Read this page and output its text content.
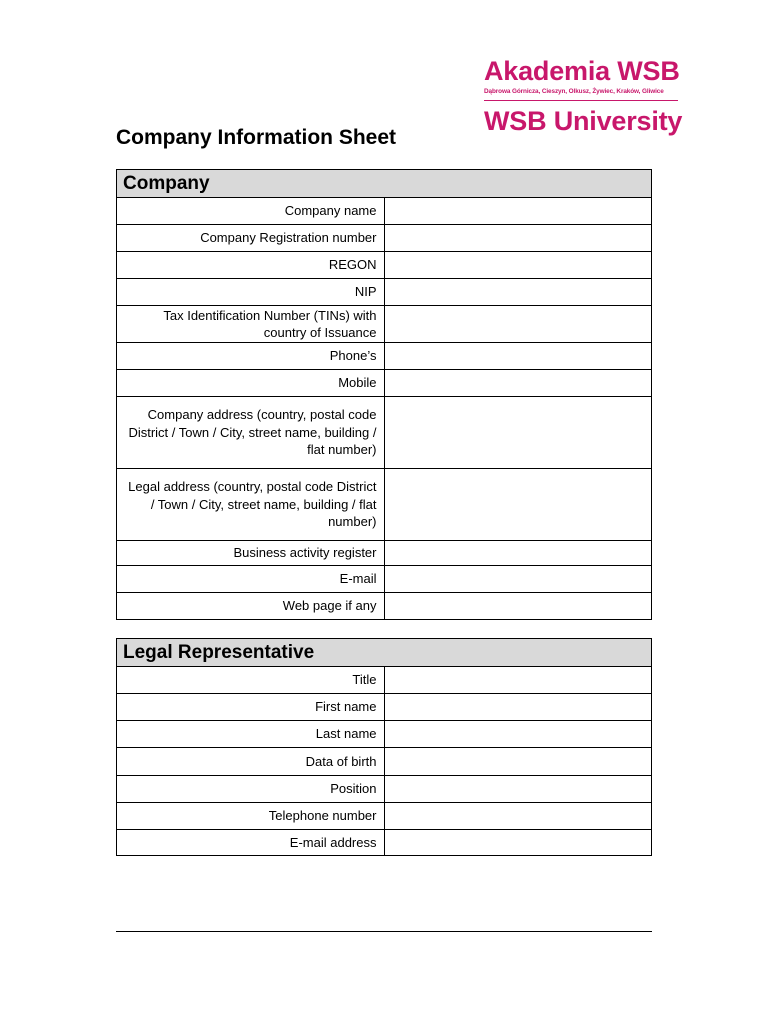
Akademia WSB
Dąbrowa Górnicza, Cieszyn, Olkusz, Żywiec, Kraków, Gliwice
WSB University
Company Information Sheet
Company	
Company name	
Company Registration number	
REGON	
NIP	
Tax Identification Number (TINs) with country of Issuance	
Phone’s	
Mobile	
Company address (country, postal code District / Town / City, street name, building / flat number)	
Legal address (country, postal code District / Town / City, street name, building / flat number)	
Business activity register	
E-mail	
Web page if any	
Legal Representative	
Title	
First name	
Last name	
Data of birth	
Position	
Telephone number	
E-mail address	
